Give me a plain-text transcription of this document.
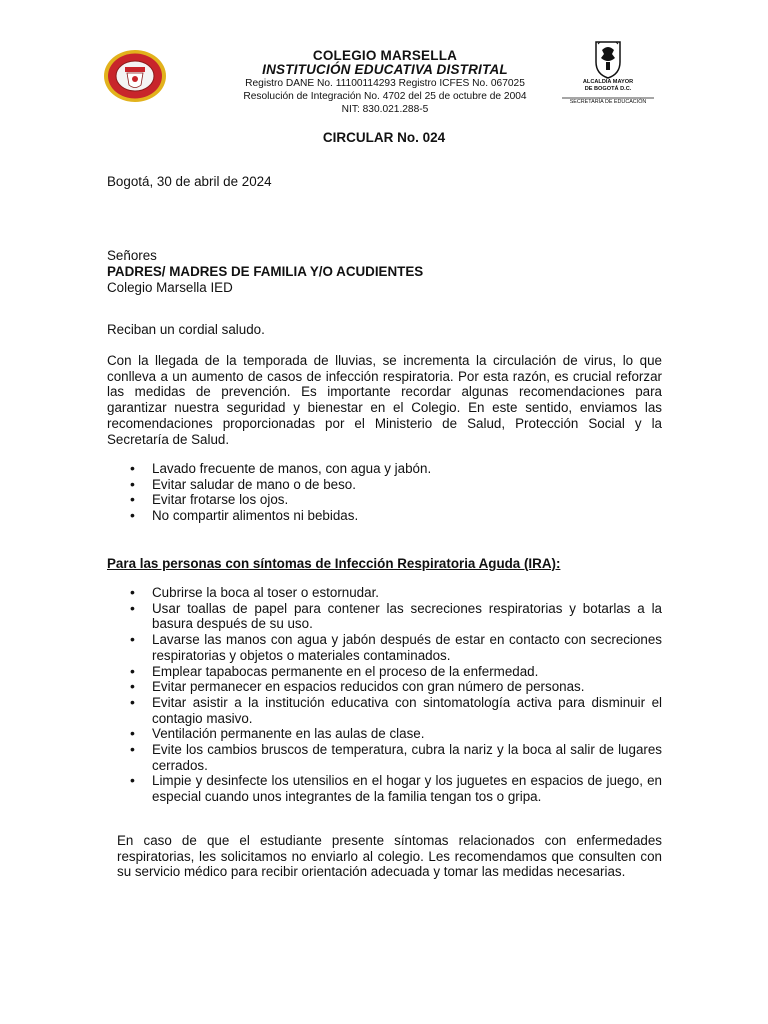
COLEGIO MARSELLA
INSTITUCIÓN EDUCATIVA DISTRITAL
Registro DANE No. 11100114293 Registro ICFES No. 067025
Resolución de Integración No. 4702 del 25 de octubre de 2004
NIT: 830.021.288-5
ALCALDÍA MAYOR
DE BOGOTÁ D.C.
SECRETARÍA DE EDUCACIÓN
CIRCULAR No. 024
Bogotá, 30 de abril de 2024
Señores
PADRES/ MADRES DE FAMILIA Y/O ACUDIENTES
Colegio Marsella IED
Reciban un cordial saludo.
Con la llegada de la temporada de lluvias, se incrementa la circulación de virus, lo que conlleva a un aumento de casos de infección respiratoria. Por esta razón, es crucial reforzar las medidas de prevención. Es importante recordar algunas recomendaciones para garantizar nuestra seguridad y bienestar en el Colegio. En este sentido, enviamos las recomendaciones proporcionadas por el Ministerio de Salud, Protección Social y la Secretaría de Salud.
• Lavado frecuente de manos, con agua y jabón.
• Evitar saludar de mano o de beso.
• Evitar frotarse los ojos.
• No compartir alimentos ni bebidas.
Para las personas con síntomas de Infección Respiratoria Aguda (IRA):
• Cubrirse la boca al toser o estornudar.
• Usar toallas de papel para contener las secreciones respiratorias y botarlas a la basura después de su uso.
• Lavarse las manos con agua y jabón después de estar en contacto con secreciones respiratorias y objetos o materiales contaminados.
• Emplear tapabocas permanente en el proceso de la enfermedad.
• Evitar permanecer en espacios reducidos con gran número de personas.
• Evitar asistir a la institución educativa con sintomatología activa para disminuir el contagio masivo.
• Ventilación permanente en las aulas de clase.
• Evite los cambios bruscos de temperatura, cubra la nariz y la boca al salir de lugares cerrados.
• Limpie y desinfecte los utensilios en el hogar y los juguetes en espacios de juego, en especial cuando unos integrantes de la familia tengan tos o gripa.
En caso de que el estudiante presente síntomas relacionados con enfermedades respiratorias, les solicitamos no enviarlo al colegio. Les recomendamos que consulten con su servicio médico para recibir orientación adecuada y tomar las medidas necesarias.
